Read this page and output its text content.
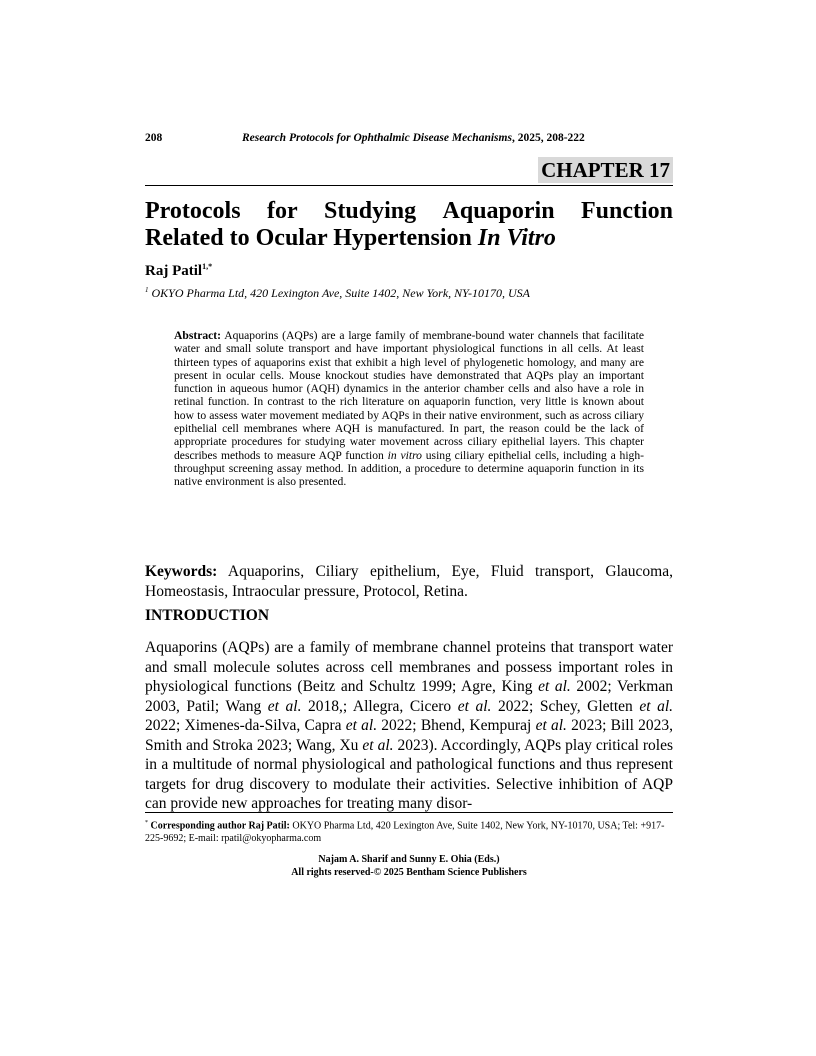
208	Research Protocols for Ophthalmic Disease Mechanisms, 2025, 208-222
CHAPTER 17
Protocols for Studying Aquaporin Function
Related to Ocular Hypertension In Vitro
Raj Patil$^{1,*}$
$^1$ OKYO Pharma Ltd, 420 Lexington Ave, Suite 1402, New York, NY-10170, USA

Abstract: Aquaporins (AQPs) are a large family of membrane-bound water channels that facilitate water and small solute transport and have important physiological functions in all cells. At least thirteen types of aquaporins exist that exhibit a high level of phylogenetic homology, and many are present in ocular cells. Mouse knockout studies have demonstrated that AQPs play an important function in aqueous humor (AQH) dynamics in the anterior chamber cells and also have a role in retinal function. In contrast to the rich literature on aquaporin function, very little is known about how to assess water movement mediated by AQPs in their native environment, such as across ciliary epithelial cell membranes where AQH is manufactured. In part, the reason could be the lack of appropriate procedures for studying water movement across ciliary epithelial layers. This chapter describes methods to measure AQP function in vitro using ciliary epithelial cells, including a high-throughput screening assay method. In addition, a procedure to determine aquaporin function in its native environment is also presented.

Keywords: Aquaporins, Ciliary epithelium, Eye, Fluid transport, Glaucoma, Homeostasis, Intraocular pressure, Protocol, Retina.

INTRODUCTION

Aquaporins (AQPs) are a family of membrane channel proteins that transport water and small molecule solutes across cell membranes and possess important roles in physiological functions (Beitz and Schultz 1999; Agre, King et al. 2002; Verkman 2003, Patil; Wang et al. 2018,; Allegra, Cicero et al. 2022; Schey, Gletten et al. 2022; Ximenes-da-Silva, Capra et al. 2022; Bhend, Kempuraj et al. 2023; Bill 2023, Smith and Stroka 2023; Wang, Xu et al. 2023). Accordingly, AQPs play critical roles in a multitude of normal physiological and pathological functions and thus represent targets for drug discovery to modulate their activities. Selective inhibition of AQP can provide new approaches for treating many disor-

* Corresponding author Raj Patil: OKYO Pharma Ltd, 420 Lexington Ave, Suite 1402, New York, NY-10170, USA; Tel: +917-225-9692; E-mail: rpatil@okyopharma.com

Najam A. Sharif and Sunny E. Ohia (Eds.)
All rights reserved-© 2025 Bentham Science Publishers
